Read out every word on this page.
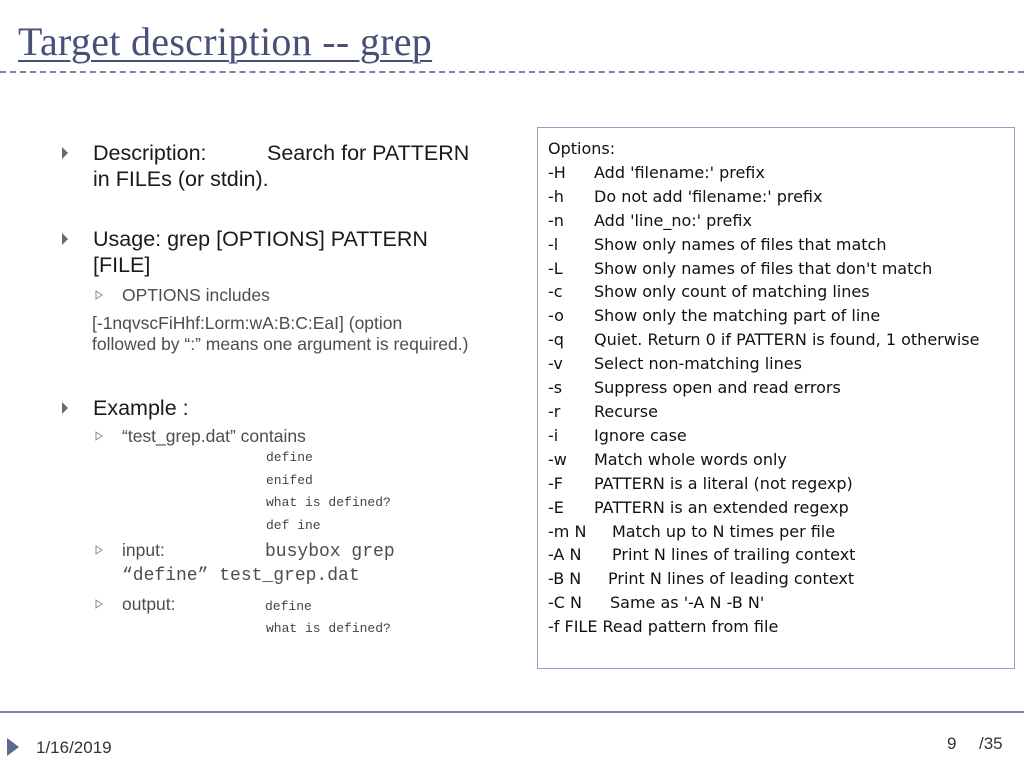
Target description -- grep
Description:	Search for PATTERN
in FILEs (or stdin).
Usage: grep [OPTIONS] PATTERN
[FILE]
OPTIONS includes
[-1nqvscFiHhf:Lorm:wA:B:C:EaI] (option
followed by “:” means one argument is required.)
Example :
“test_grep.dat” contains
define
enifed
what is defined?
def ine
input:	busybox grep
“define” test_grep.dat
output:	define
what is defined?
Options:
-H Add 'filename:' prefix
-h Do not add 'filename:' prefix
-n Add 'line_no:' prefix
-l Show only names of files that match
-L Show only names of files that don't match
-c Show only count of matching lines
-o Show only the matching part of line
-q Quiet. Return 0 if PATTERN is found, 1 otherwise
-v Select non-matching lines
-s Suppress open and read errors
-r Recurse
-i Ignore case
-w Match whole words only
-F PATTERN is a literal (not regexp)
-E PATTERN is an extended regexp
-m N Match up to N times per file
-A N Print N lines of trailing context
-B N Print N lines of leading context
-C N Same as '-A N -B N'
-f FILE Read pattern from file
1/16/2019	9 /35
